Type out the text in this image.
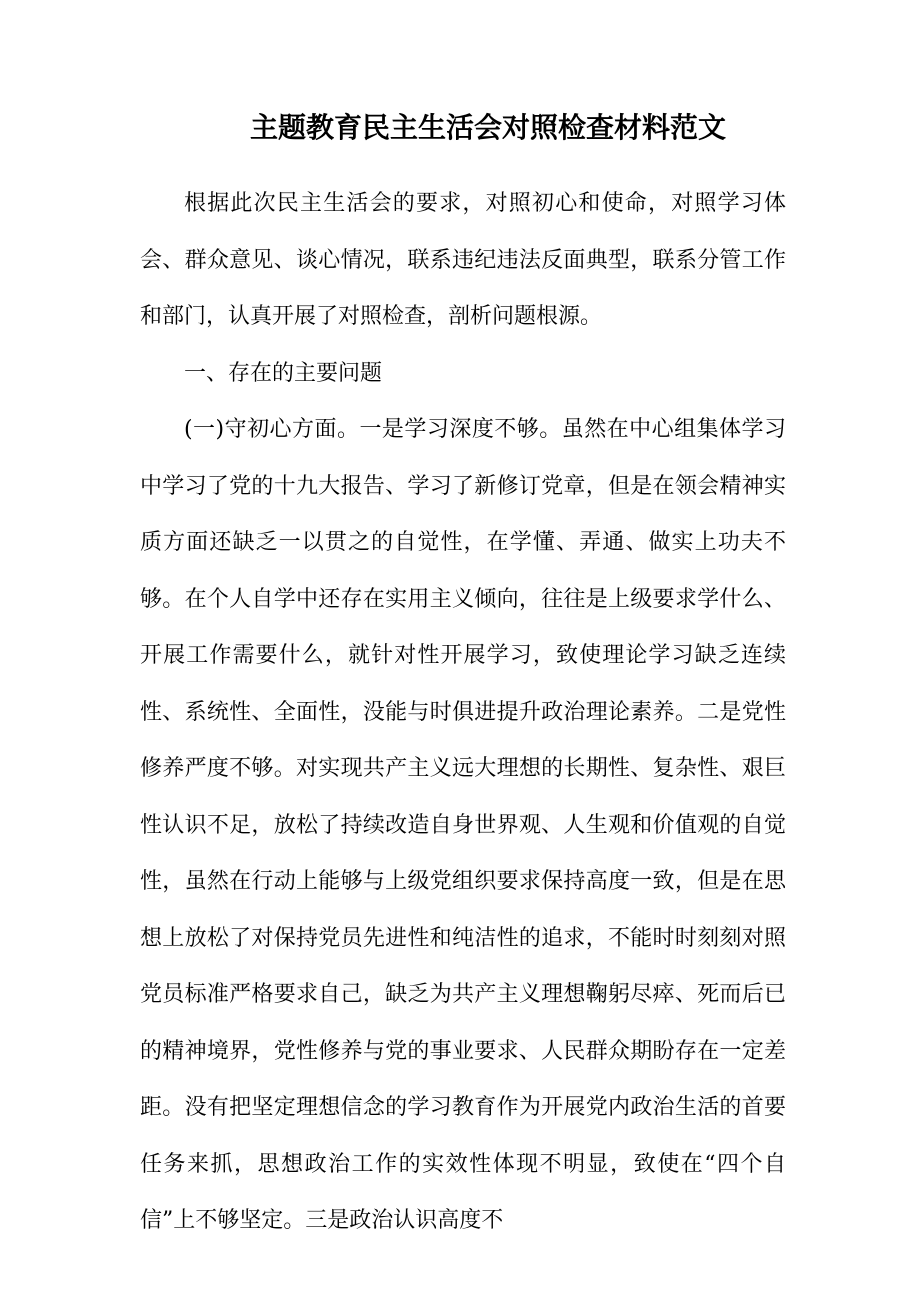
主题教育民主生活会对照检查材料范文

根据此次民主生活会的要求，对照初心和使命，对照学习体会、群众意见、谈心情况，联系违纪违法反面典型，联系分管工作和部门，认真开展了对照检查，剖析问题根源。

一、存在的主要问题

(一)守初心方面。一是学习深度不够。虽然在中心组集体学习中学习了党的十九大报告、学习了新修订党章，但是在领会精神实质方面还缺乏一以贯之的自觉性，在学懂、弄通、做实上功夫不够。在个人自学中还存在实用主义倾向，往往是上级要求学什么、开展工作需要什么，就针对性开展学习，致使理论学习缺乏连续性、系统性、全面性，没能与时俱进提升政治理论素养。二是党性修养严度不够。对实现共产主义远大理想的长期性、复杂性、艰巨性认识不足，放松了持续改造自身世界观、人生观和价值观的自觉性，虽然在行动上能够与上级党组织要求保持高度一致，但是在思想上放松了对保持党员先进性和纯洁性的追求，不能时时刻刻对照党员标准严格要求自己，缺乏为共产主义理想鞠躬尽瘁、死而后已的精神境界，党性修养与党的事业要求、人民群众期盼存在一定差距。没有把坚定理想信念的学习教育作为开展党内政治生活的首要任务来抓，思想政治工作的实效性体现不明显，致使在“四个自信”上不够坚定。三是政治认识高度不
